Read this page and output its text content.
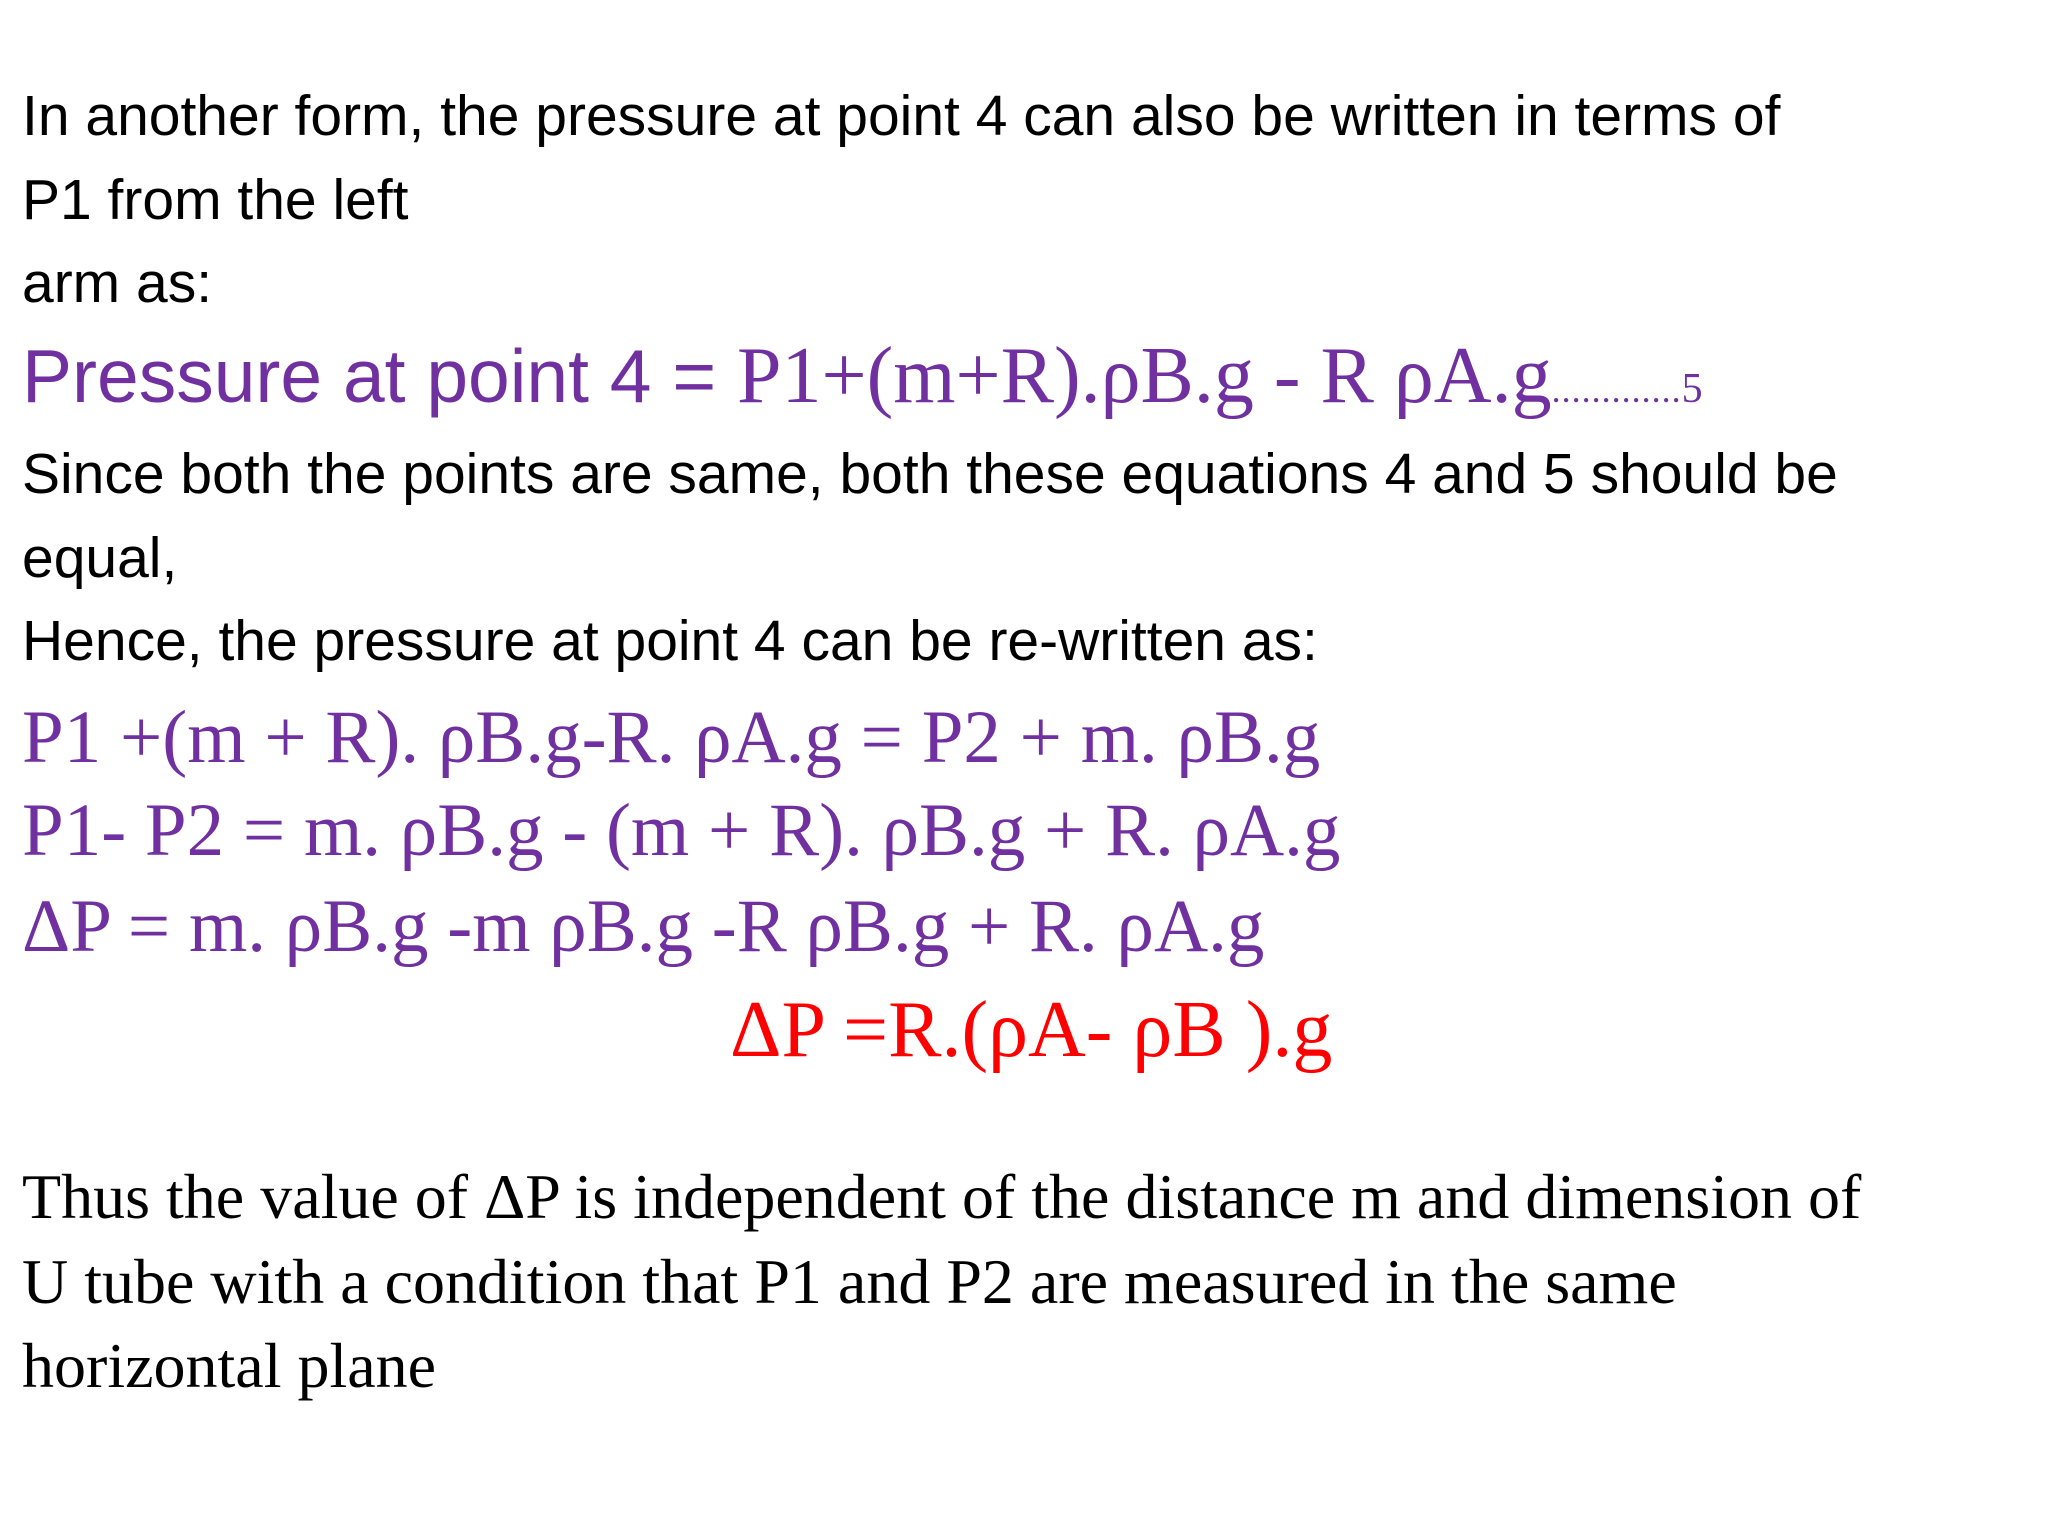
In another form, the pressure at point 4 can also be written in terms of

P1 from the left

arm as:

Pressure at point 4 = P1+(m+R).ρB.g - R ρA.g.............5

Since both the points are same, both these equations 4 and 5 should be

equal,

Hence, the pressure at point 4 can be re-written as:

P1 +(m + R). ρB.g-R. ρA.g = P2 + m. ρB.g

P1- P2 = m. ρB.g - (m + R). ρB.g + R. ρA.g

ΔP = m. ρB.g -m ρB.g -R ρB.g + R. ρA.g

ΔP =R.(ρA- ρB ).g

Thus the value of ΔP is independent of the distance m and dimension of

U tube with a condition that P1 and P2 are measured in the same

horizontal plane
